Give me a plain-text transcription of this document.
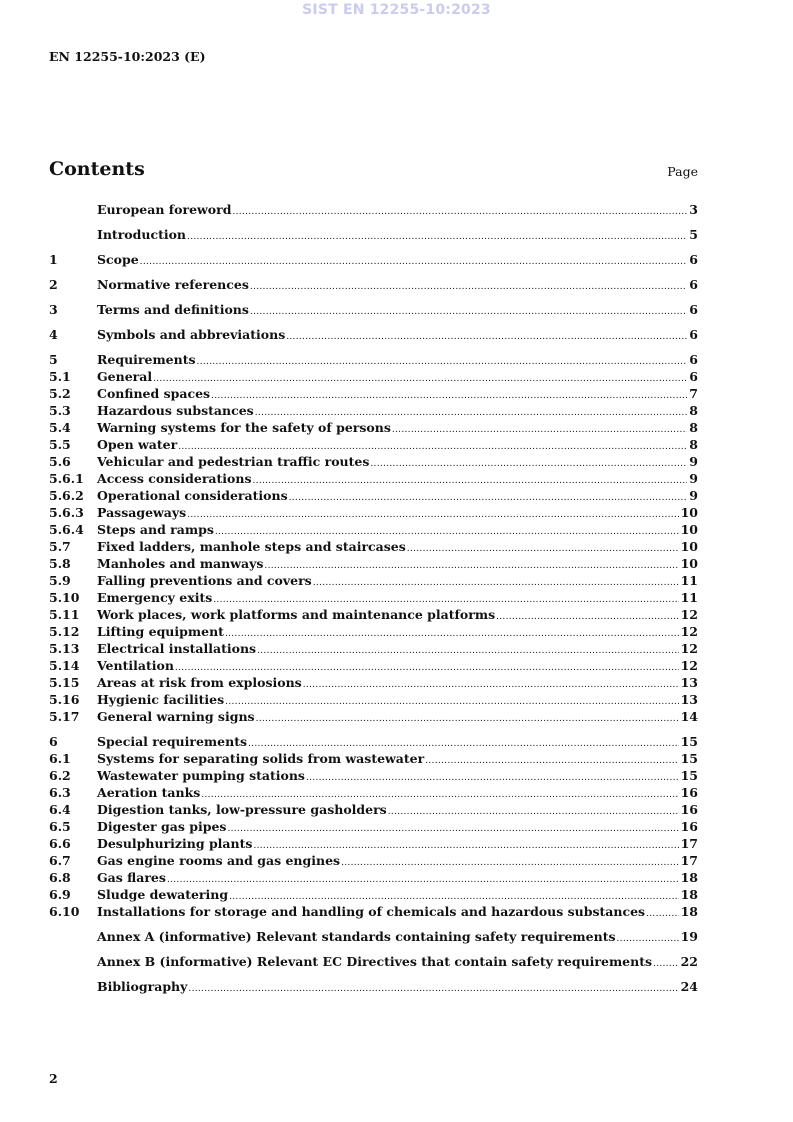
SIST EN 12255-10:2023
EN 12255-10:2023 (E)
Contents	Page
European foreword .....	3
Introduction .....	5
1	Scope .....	6
2	Normative references .....	6
3	Terms and definitions .....	6
4	Symbols and abbreviations .....	6
5	Requirements .....	6
5.1	General .....	6
5.2	Confined spaces .....	7
5.3	Hazardous substances .....	8
5.4	Warning systems for the safety of persons .....	8
5.5	Open water .....	8
5.6	Vehicular and pedestrian traffic routes .....	9
5.6.1	Access considerations .....	9
5.6.2	Operational considerations .....	9
5.6.3	Passageways .....	10
5.6.4	Steps and ramps .....	10
5.7	Fixed ladders, manhole steps and staircases .....	10
5.8	Manholes and manways .....	10
5.9	Falling preventions and covers .....	11
5.10	Emergency exits .....	11
5.11	Work places, work platforms and maintenance platforms .....	12
5.12	Lifting equipment .....	12
5.13	Electrical installations .....	12
5.14	Ventilation .....	12
5.15	Areas at risk from explosions .....	13
5.16	Hygienic facilities .....	13
5.17	General warning signs .....	14
6	Special requirements .....	15
6.1	Systems for separating solids from wastewater .....	15
6.2	Wastewater pumping stations .....	15
6.3	Aeration tanks .....	16
6.4	Digestion tanks, low-pressure gasholders .....	16
6.5	Digester gas pipes .....	16
6.6	Desulphurizing plants .....	17
6.7	Gas engine rooms and gas engines .....	17
6.8	Gas flares .....	18
6.9	Sludge dewatering .....	18
6.10	Installations for storage and handling of chemicals and hazardous substances .....	18
Annex A (informative) Relevant standards containing safety requirements .....	19
Annex B (informative) Relevant EC Directives that contain safety requirements ..... 22
Bibliography .....	24
2
